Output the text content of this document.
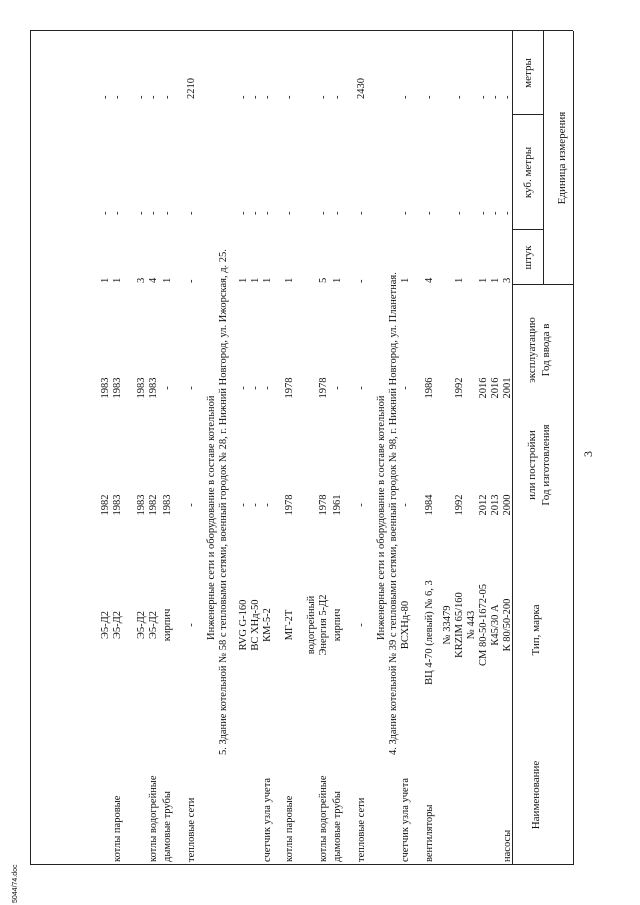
3
5044/74.doc
Единица измерения
штук
куб. метры
метры
Наименование
Тип, марка
Год изготовления
или постройки
Год ввода в
эксплуатацию
насосы
К 80/50-200
2000
2001
3
-
-
К45/30 А
2013
2016
1
-
-
СМ 80-50-1672-05
2012
2016
1
-
-
№ 443
KRZIM 65/160
1992
1992
1
-
-
№ 33479
вентиляторы
ВЦ 4-70 (левый) № 6, 3
1984
1986
4
-
-
счетчик узла учета
ВСХНд-80
-
-
1
-
-
4. Здание котельной № 39 с тепловыми сетями, военный городок № 98, г. Нижний Новгород, ул. Планетная.
Инженерные сети и оборудование в составе котельной
тепловые сети
-
-
-
-
-
2430
дымовые трубы
кирпич
1961
-
1
-
-
котлы водогрейные
Энергия 5-Д2
1978
1978
5
-
-
водогрейный
котлы паровые
МГ-2Т
1978
1978
1
-
-
счетчик узла учета
КМ-5-2
-
-
1
-
-
ВС ХНд-50
-
-
1
-
-
RVG G-160
-
-
1
-
-
5. Здание котельной № 58 с тепловыми сетями, военный городок № 28, г. Нижний Новгород, ул. Ижорская, д. 25.
Инженерные сети и оборудование в составе котельной
тепловые сети
-
-
-
-
-
2210
дымовые трубы
кирпич
1983
-
1
-
-
котлы водогрейные
Э5-Д2
1982
1983
4
-
-
Э5-Д2
1983
1983
3
-
-
котлы паровые
Э5-Д2
1983
1983
1
-
-
Э5-Д2
1982
1983
1
-
-
